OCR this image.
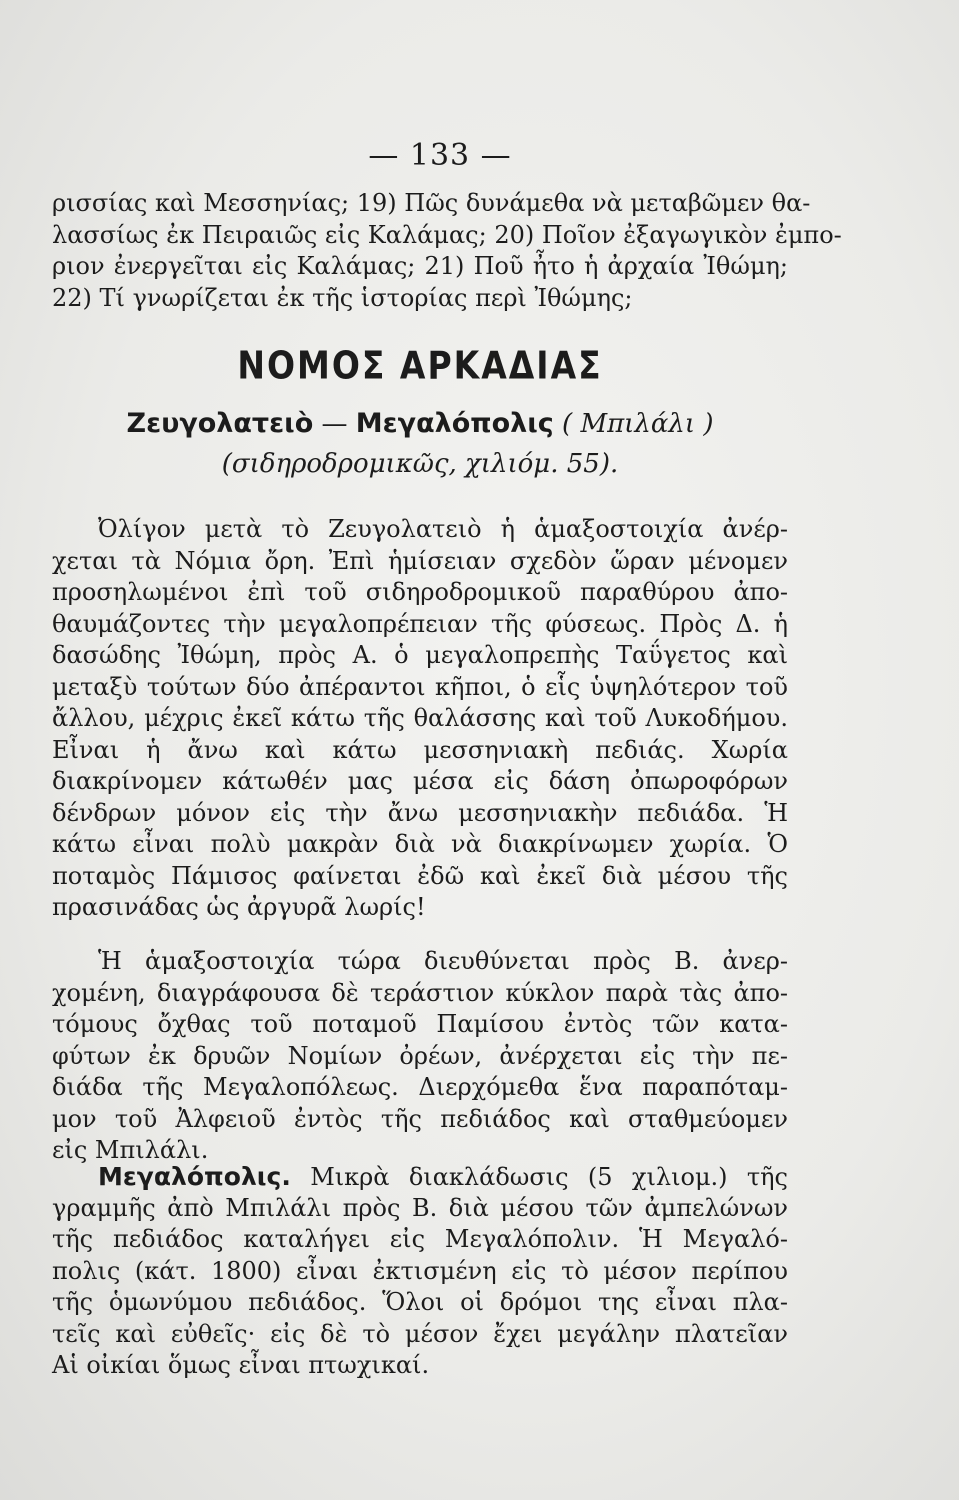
— 133 —
ρισσίας καὶ Μεσσηνίας; 19) Πῶς δυνάμεθα νὰ μεταβῶμεν θα-
λασσίως ἐκ Πειραιῶς εἰς Καλάμας; 20) Ποῖον ἐξαγωγικὸν ἐμπο-
ριον ἐνεργεῖται εἰς Καλάμας; 21) Ποῦ ἦτο ἡ ἀρχαία Ἰθώμη;
22) Τί γνωρίζεται ἐκ τῆς ἱστορίας περὶ Ἰθώμης;
ΝΟΜΟΣ ΑΡΚΑΔΙΑΣ
Ζευγολατειὸ — Μεγαλόπολις ( Μπιλάλι )
(σιδηροδρομικῶς, χιλιόμ. 55).
Ὀλίγον μετὰ τὸ Ζευγολατειὸ ἡ ἁμαξοστοιχία ἀνέρ-
χεται τὰ Νόμια ὄρη. Ἐπὶ ἡμίσειαν σχεδὸν ὥραν μένομεν
προσηλωμένοι ἐπὶ τοῦ σιδηροδρομικοῦ παραθύρου ἀπο-
θαυμάζοντες τὴν μεγαλοπρέπειαν τῆς φύσεως. Πρὸς Δ. ἡ
δασώδης Ἰθώμη, πρὸς Α. ὁ μεγαλοπρεπὴς Ταΰγετος καὶ
μεταξὺ τούτων δύο ἀπέραντοι κῆποι, ὁ εἷς ὑψηλότερον τοῦ
ἄλλου, μέχρις ἐκεῖ κάτω τῆς θαλάσσης καὶ τοῦ Λυκοδήμου.
Εἶναι ἡ ἄνω καὶ κάτω μεσσηνιακὴ πεδιάς. Χωρία
διακρίνομεν κάτωθέν μας μέσα εἰς δάση ὀπωροφόρων
δένδρων μόνον εἰς τὴν ἄνω μεσσηνιακὴν πεδιάδα. Ἡ
κάτω εἶναι πολὺ μακρὰν διὰ νὰ διακρίνωμεν χωρία. Ὁ
ποταμὸς Πάμισος φαίνεται ἐδῶ καὶ ἐκεῖ διὰ μέσου τῆς
πρασινάδας ὡς ἀργυρᾶ λωρίς!
Ἡ ἁμαξοστοιχία τώρα διευθύνεται πρὸς Β. ἀνερ-
χομένη, διαγράφουσα δὲ τεράστιον κύκλον παρὰ τὰς ἀπο-
τόμους ὄχθας τοῦ ποταμοῦ Παμίσου ἐντὸς τῶν κατα-
φύτων ἐκ δρυῶν Νομίων ὀρέων, ἀνέρχεται εἰς τὴν πε-
διάδα τῆς Μεγαλοπόλεως. Διερχόμεθα ἕνα παραπόταμ-
μον τοῦ Ἀλφειοῦ ἐντὸς τῆς πεδιάδος καὶ σταθμεύομεν
εἰς Μπιλάλι.
Μεγαλόπολις. Μικρὰ διακλάδωσις (5 χιλιομ.) τῆς
γραμμῆς ἀπὸ Μπιλάλι πρὸς Β. διὰ μέσου τῶν ἀμπελώνων
τῆς πεδιάδος καταλήγει εἰς Μεγαλόπολιν. Ἡ Μεγαλό-
πολις (κάτ. 1800) εἶναι ἐκτισμένη εἰς τὸ μέσον περίπου
τῆς ὁμωνύμου πεδιάδος. Ὅλοι οἱ δρόμοι της εἶναι πλα-
τεῖς καὶ εὐθεῖς· εἰς δὲ τὸ μέσον ἔχει μεγάλην πλατεῖαν
Αἱ οἰκίαι ὅμως εἶναι πτωχικαί.
